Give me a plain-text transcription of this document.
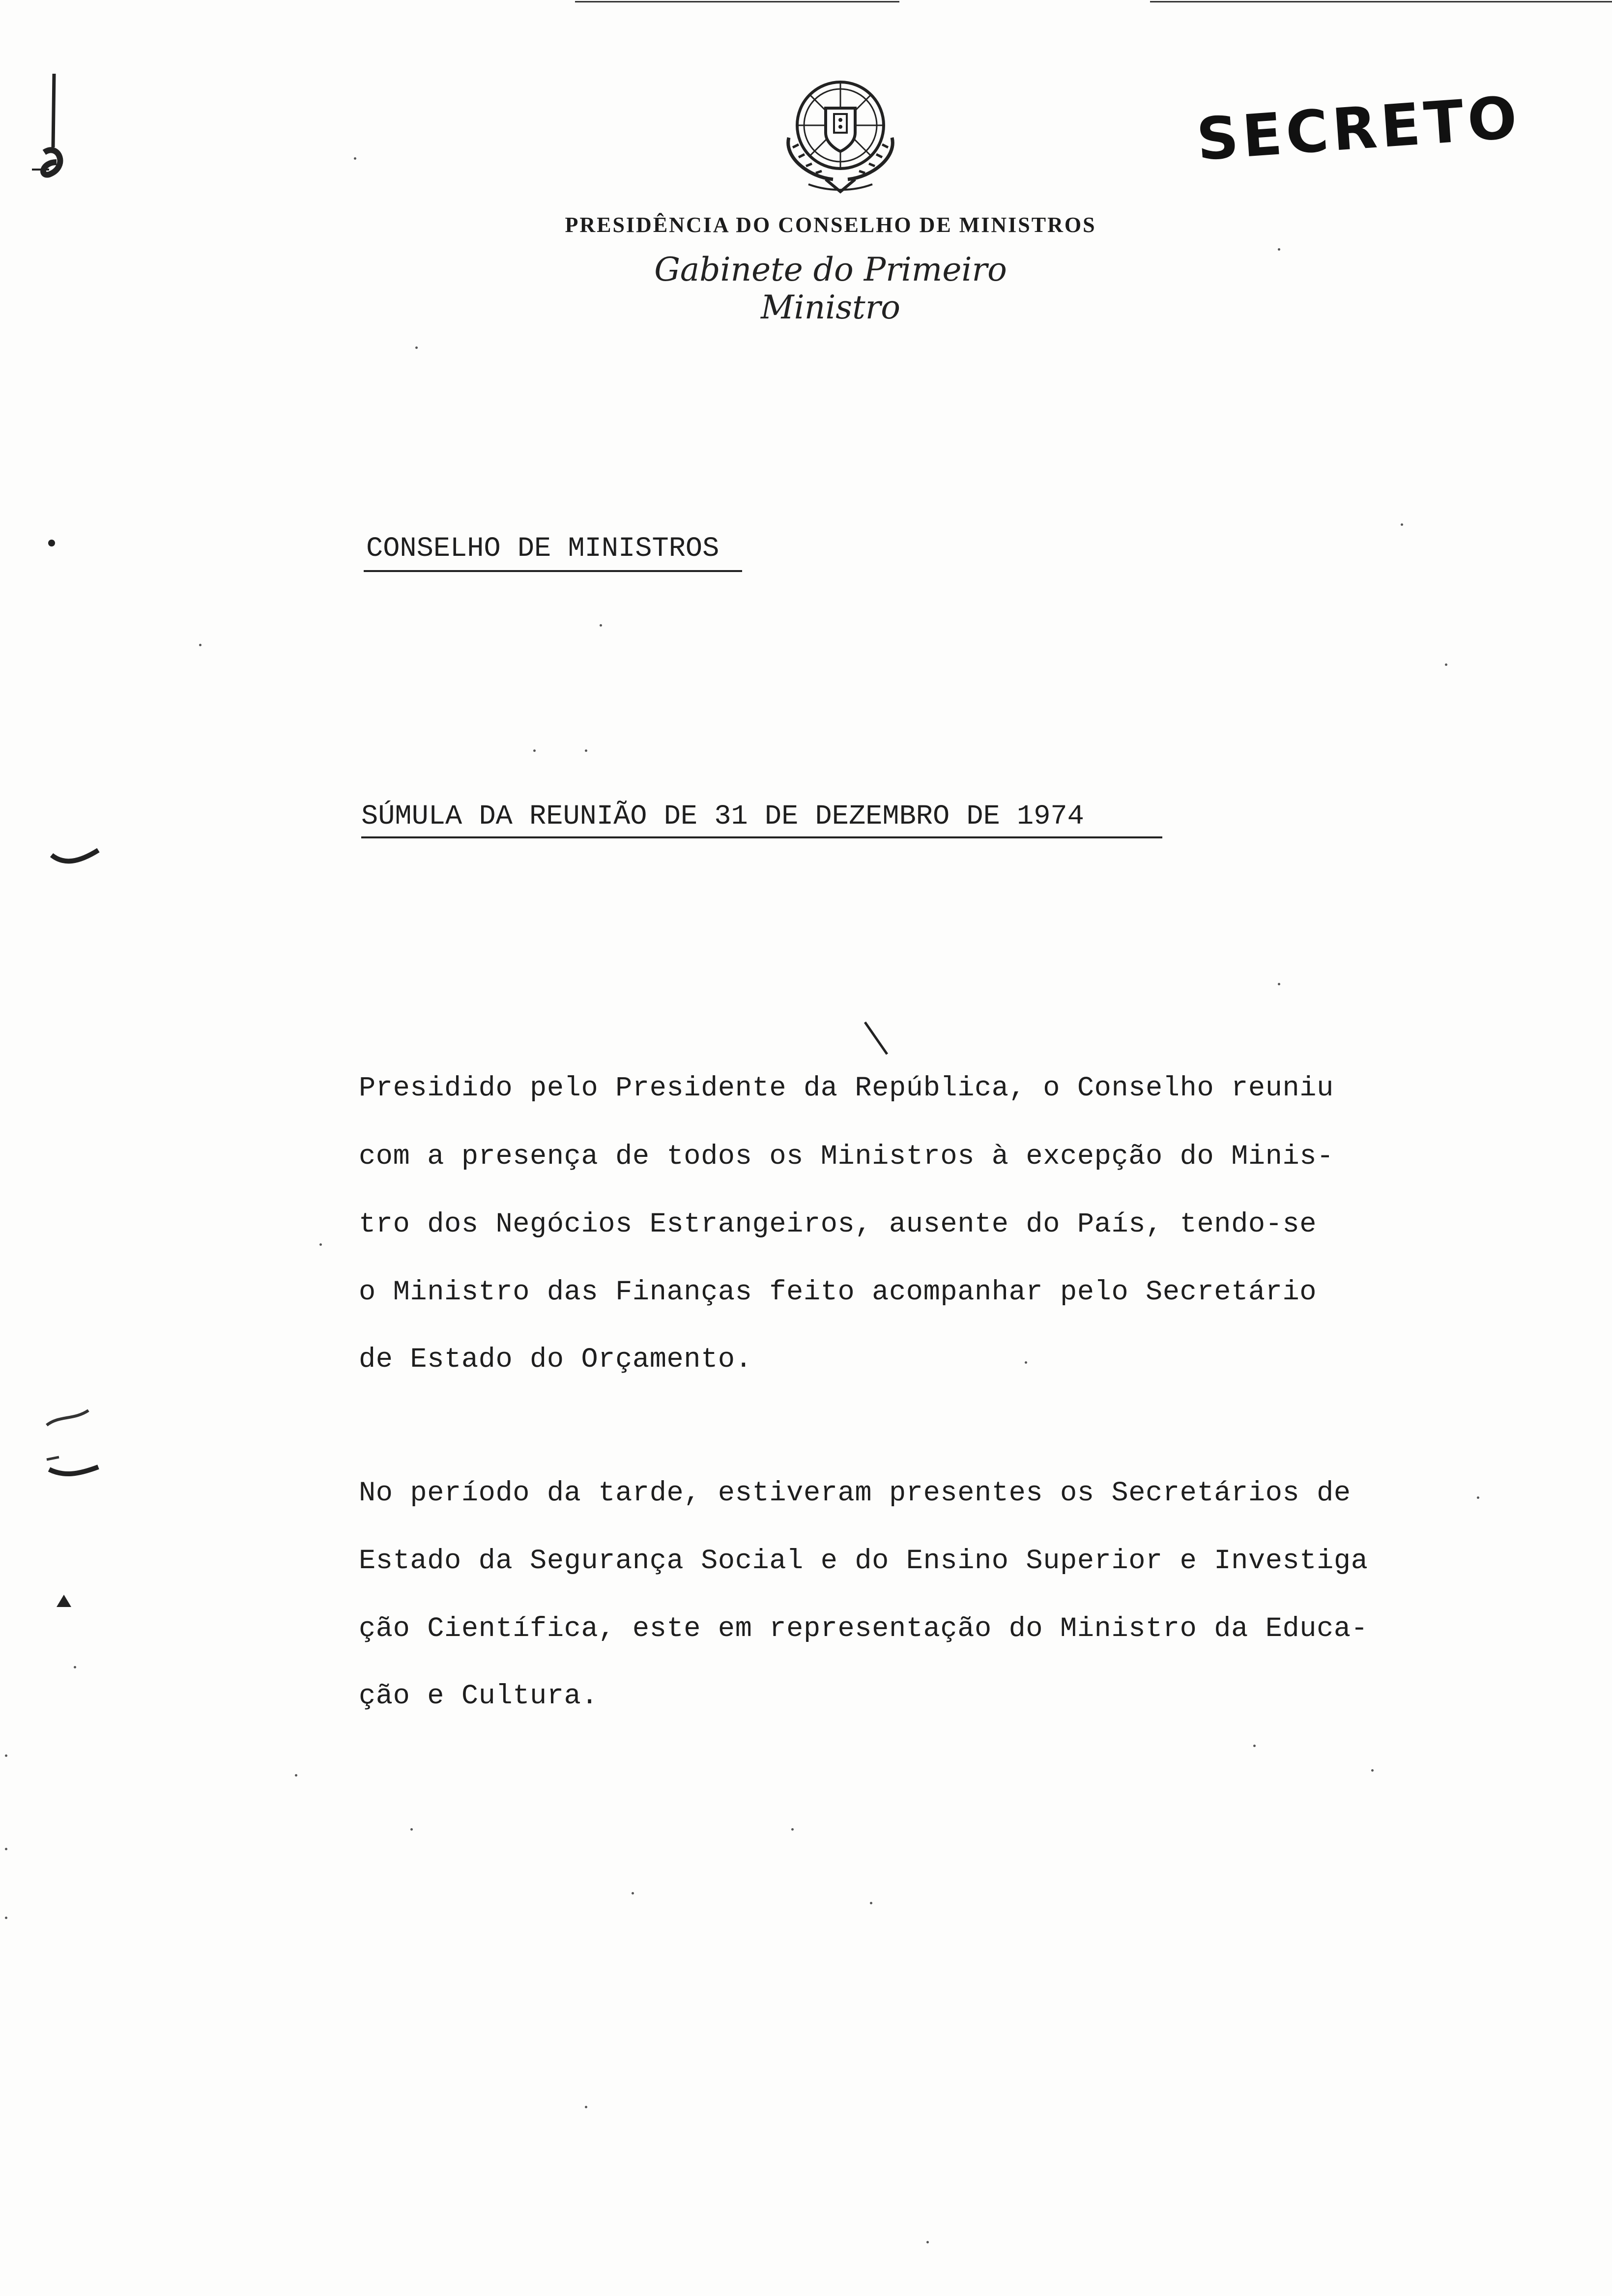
PRESIDÊNCIA DO CONSELHO DE MINISTROS
Gabinete do Primeiro Ministro
SECRETO
CONSELHO DE MINISTROS
SÚMULA DA REUNIÃO DE 31 DE DEZEMBRO DE 1974
Presidido pelo Presidente da República, o Conselho reuniu
com a presença de todos os Ministros à excepção do Minis-
tro dos Negócios Estrangeiros, ausente do País, tendo-se
o Ministro das Finanças feito acompanhar pelo Secretário
de Estado do Orçamento.
No período da tarde, estiveram presentes os Secretários de
Estado da Segurança Social e do Ensino Superior e Investiga
ção Científica, este em representação do Ministro da Educa-
ção e Cultura.
